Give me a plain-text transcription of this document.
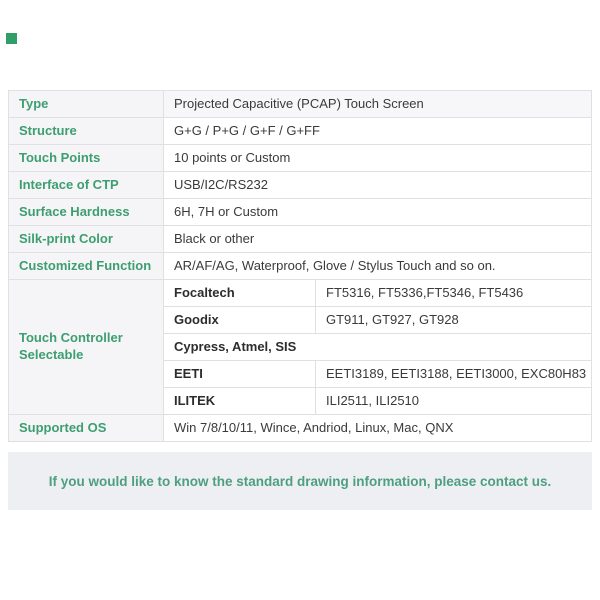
Type	Projected Capacitive (PCAP) Touch Screen	
Structure	G+G / P+G / G+F / G+FF	
Touch Points	10 points or Custom	
Interface of CTP	USB/I2C/RS232	
Surface Hardness	6H, 7H or Custom	
Silk-print Color	Black or other	
Customized Function	AR/AF/AG, Waterproof, Glove / Stylus Touch and so on.	
Touch Controller Selectable	Focaltech	FT5316, FT5336,FT5346, FT5436
	Goodix	GT911, GT927, GT928
	Cypress, Atmel, SIS	
	EETI	EETI3189, EETI3188, EETI3000, EXC80H83
	ILITEK	ILI2511, ILI2510
Supported OS	Win 7/8/10/11, Wince, Andriod, Linux, Mac, QNX	
If you would like to know the standard drawing information, please contact us.
